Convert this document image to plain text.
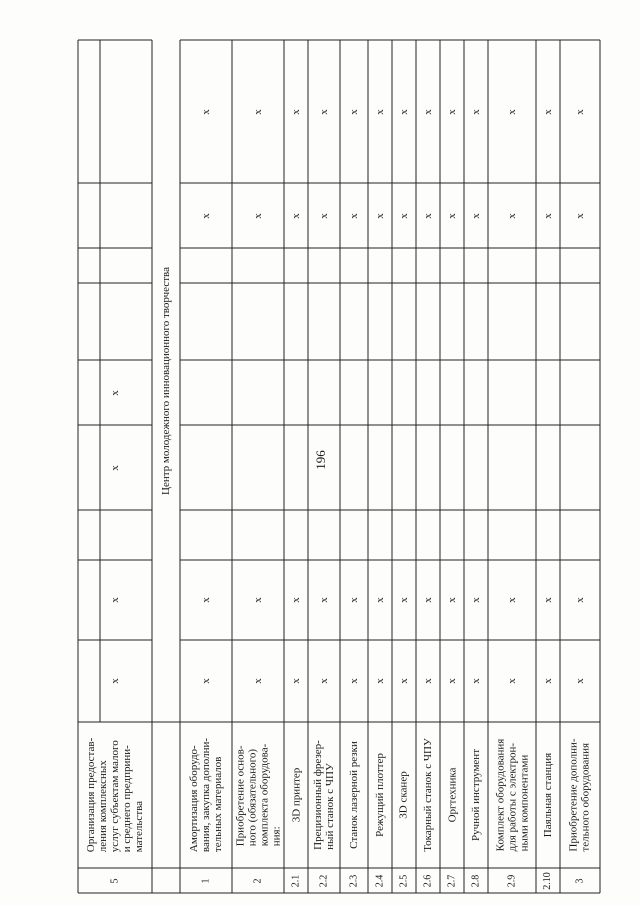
196
5
Организация предостав-
ления комплексных
услуг субъектам малого
и среднего предприни-
мательства
x
x
x
x
1
Амортизация оборудо-
вания, закупка дополни-
тельных материалов
x
x
x
x
2
Приобретение основ-
ного (обязательного)
комплекта оборудова-
ния:
x
x
x
x
2.1
3D принтер
x
x
x
x
2.2
Прецизионный фрезер-
ный станок с ЧПУ
x
x
x
x
2.3
Станок лазерной резки
x
x
x
x
2.4
Режущий плоттер
x
x
x
x
2.5
3D сканер
x
x
x
x
2.6
Токарный станок с ЧПУ
x
x
x
x
2.7
Оргтехника
x
x
x
x
2.8
Ручной инструмент
x
x
x
x
2.9
Комплект оборудования
для работы с электрон-
ными компонентами
x
x
x
x
2.10
Паяльная станция
x
x
x
x
3
Приобретение дополни-
тельного оборудования
x
x
x
x
Центр молодежного инновационного творчества
